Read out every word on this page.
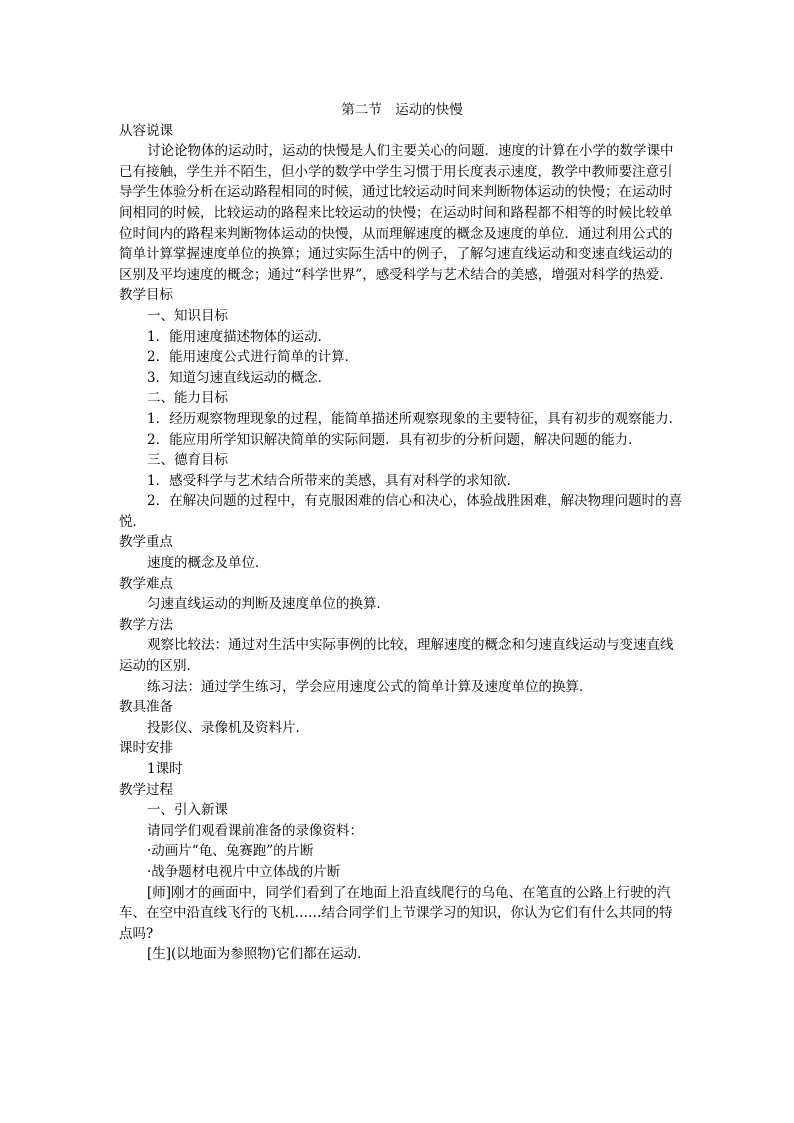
第二节　运动的快慢

从容说课

讨论论物体的运动时，运动的快慢是人们主要关心的问题．速度的计算在小学的数学课中已有接触，学生并不陌生，但小学的数学中学生习惯于用长度表示速度，教学中教师要注意引导学生体验分析在运动路程相同的时候，通过比较运动时间来判断物体运动的快慢；在运动时间相同的时候，比较运动的路程来比较运动的快慢；在运动时间和路程都不相等的时候比较单位时间内的路程来判断物体运动的快慢，从而理解速度的概念及速度的单位．通过利用公式的简单计算掌握速度单位的换算；通过实际生活中的例子，了解匀速直线运动和变速直线运动的区别及平均速度的概念；通过“科学世界”，感受科学与艺术结合的美感，增强对科学的热爱．

教学目标

一、知识目标

1．能用速度描述物体的运动．

2．能用速度公式进行简单的计算．

3．知道匀速直线运动的概念．

二、能力目标

1．经历观察物理现象的过程，能简单描述所观察现象的主要特征，具有初步的观察能力．

2．能应用所学知识解决简单的实际问题．具有初步的分析问题，解决问题的能力．

三、德育目标

1．感受科学与艺术结合所带来的美感，具有对科学的求知欲．

2．在解决问题的过程中，有克服困难的信心和决心，体验战胜困难，解决物理问题时的喜悦．

教学重点

速度的概念及单位．

教学难点

匀速直线运动的判断及速度单位的换算．

教学方法

观察比较法：通过对生活中实际事例的比较，理解速度的概念和匀速直线运动与变速直线运动的区别．

练习法：通过学生练习，学会应用速度公式的简单计算及速度单位的换算．

教具准备

投影仪、录像机及资料片．

课时安排

1课时

教学过程

一、引入新课

请同学们观看课前准备的录像资料：

·动画片“龟、兔赛跑”的片断

·战争题材电视片中立体战的片断

[师]刚才的画面中，同学们看到了在地面上沿直线爬行的乌龟、在笔直的公路上行驶的汽车、在空中沿直线飞行的飞机……结合同学们上节课学习的知识，你认为它们有什么共同的特点吗?

[生](以地面为参照物)它们都在运动．
